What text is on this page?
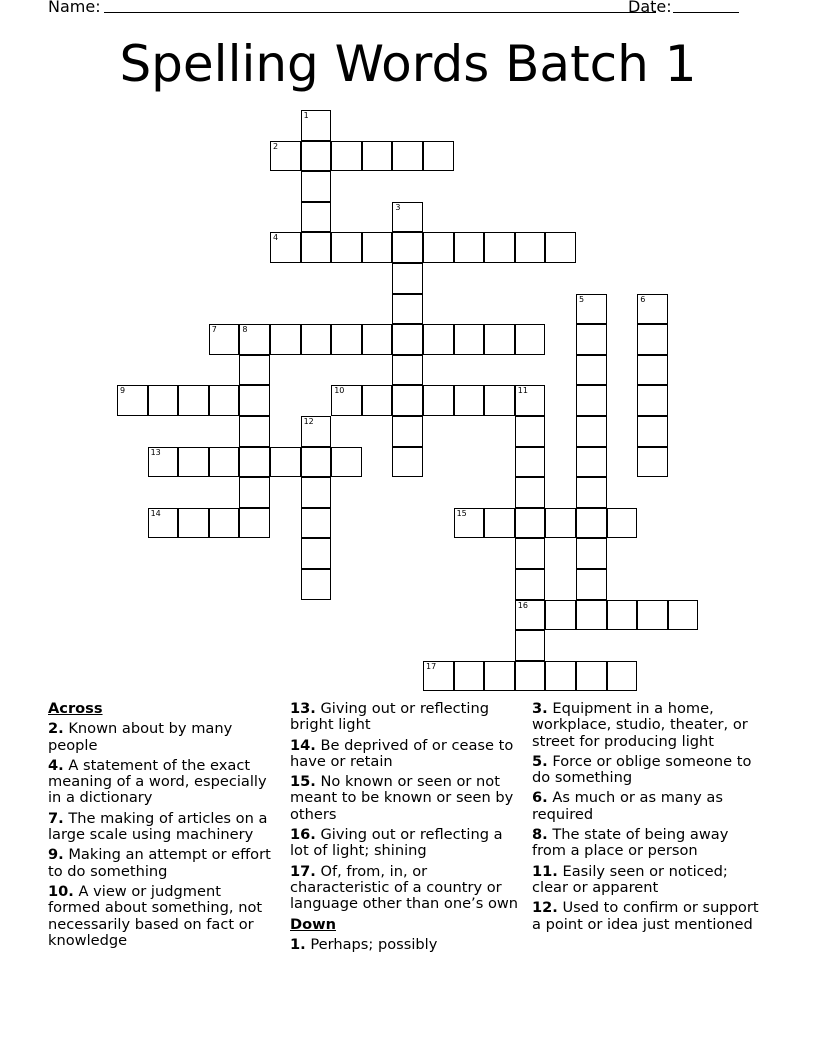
Name:	Date:
Spelling Words Batch 1
1
2
3
4
5	6
7	8
9	10	11
16
12
13
14	15
17
Across
2. Known about by many people
4. A statement of the exact meaning of a word, especially in a dictionary
7. The making of articles on a large scale using machinery
9. Making an attempt or effort to do something
10. A view or judgment formed about something, not necessarily based on fact or knowledge
13. Giving out or reflecting bright light
14. Be deprived of or cease to have or retain
15. No known or seen or not meant to be known or seen by others
16. Giving out or reflecting a lot of light; shining
17. Of, from, in, or characteristic of a country or language other than one’s own
Down
1. Perhaps; possibly
3. Equipment in a home, workplace, studio, theater, or street for producing light
5. Force or oblige someone to do something
6. As much or as many as required
8. The state of being away from a place or person
11. Easily seen or noticed; clear or apparent
12. Used to confirm or support a point or idea just mentioned
